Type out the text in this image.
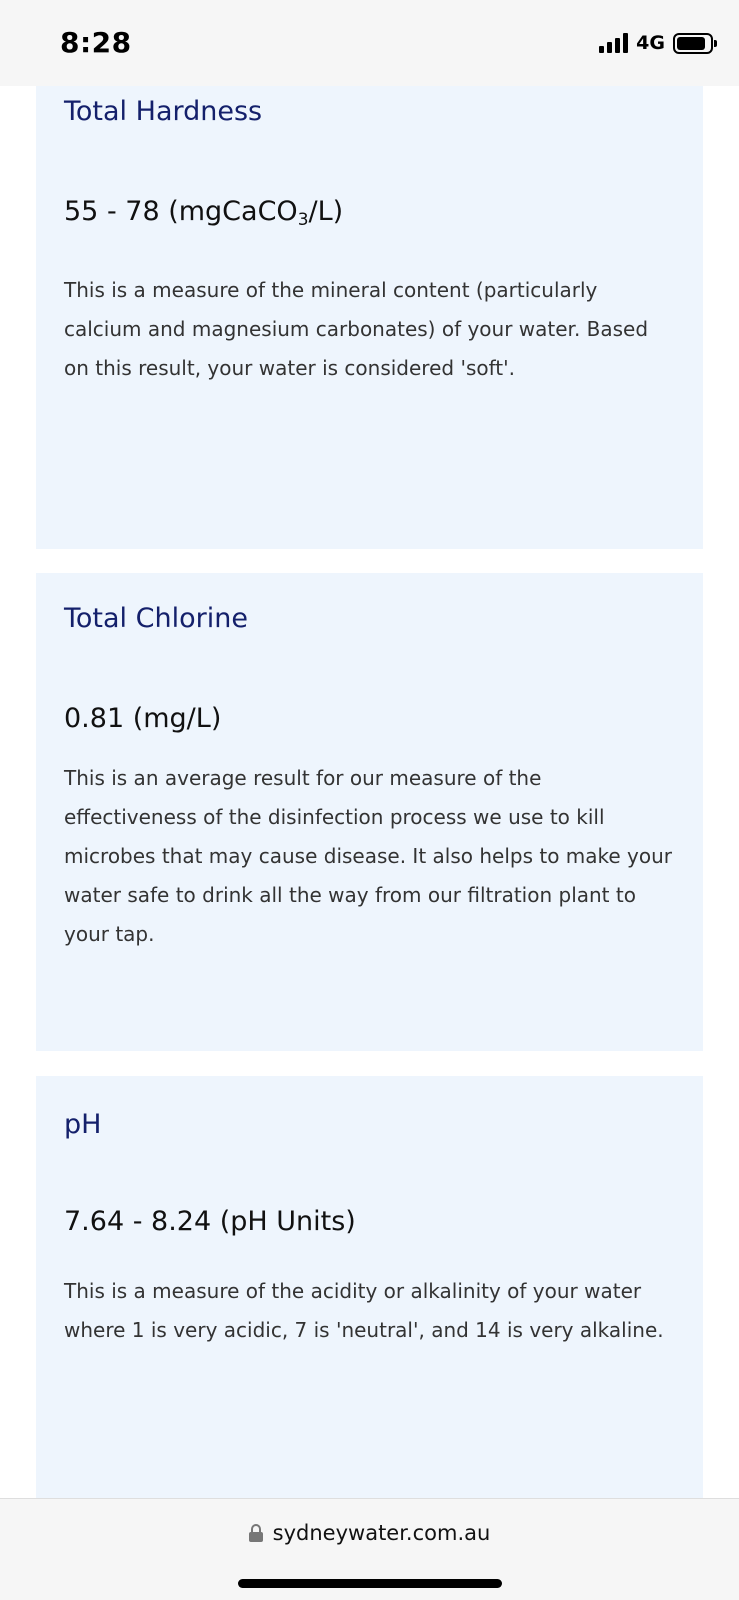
8:28	4G
Total Hardness
55 - 78 (mgCaCO$_3$/L)
This is a measure of the mineral content (particularly calcium and magnesium carbonates) of your water. Based on this result, your water is considered 'soft'.
Total Chlorine
0.81 (mg/L)
This is an average result for our measure of the effectiveness of the disinfection process we use to kill microbes that may cause disease. It also helps to make your water safe to drink all the way from our filtration plant to your tap.
pH
7.64 - 8.24 (pH Units)
This is a measure of the acidity or alkalinity of your water where 1 is very acidic, 7 is 'neutral', and 14 is very alkaline.
sydneywater.com.au
